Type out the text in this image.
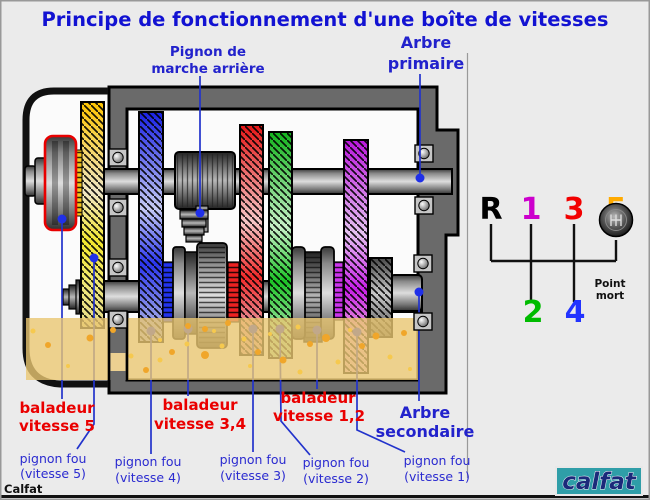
R 1 3
2 4
Point
mort
Principe de fonctionnement d'une boîte de vitesses
Pignon de
marche arrière
Arbre
primaire
Arbre
secondaire
baladeur
vitesse 5
baladeur
vitesse 3,4
baladeur
vitesse 1,2
pignon fou
(vitesse 5)
pignon fou
(vitesse 4)
pignon fou
(vitesse 3)
pignon fou
(vitesse 2)
pignon fou
(vitesse 1)
Calfat	calfat
